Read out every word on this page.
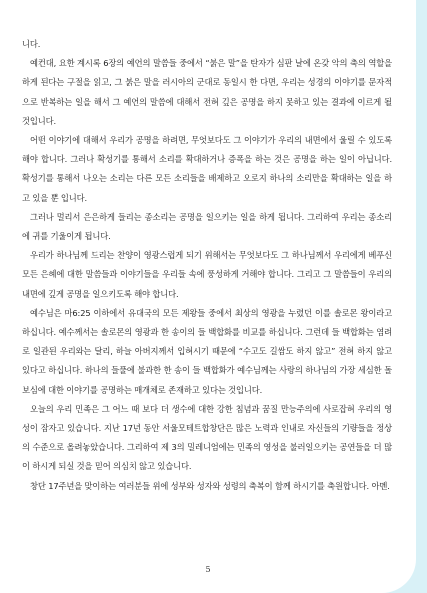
니다.

예컨대, 요한 계시록 6장의 예언의 말씀들 중에서 “붉은 말”을 탄자가 심판 날에 온갖 악의 축의 역할을 하게 된다는 구절을 읽고, 그 붉은 말을 러시아의 군대로 동일시 한 다면, 우리는 성경의 이야기를 문자적으로 반복하는 일을 해서 그 예언의 말씀에 대해서 전혀 깊은 공명을 하지 못하고 있는 결과에 이르게 될 것입니다.

어떤 이야기에 대해서 우리가 공명을 하려면, 무엇보다도 그 이야기가 우리의 내면에서 울릴 수 있도록 해야 합니다. 그러나 확성기를 통해서 소리를 확대하거나 증폭을 하는 것은 공명을 하는 일이 아닙니다. 확성기를 통해서 나오는 소리는 다른 모든 소리들을 배제하고 오로지 하나의 소리만을 확대하는 일을 하고 있을 뿐 입니다.

그러나 멀리서 은은하게 들리는 종소리는 공명을 일으키는 일을 하게 됩니다. 그리하여 우리는 종소리에 귀를 기울이게 됩니다.

우리가 하나님께 드리는 찬양이 영광스럽게 되기 위해서는 무엇보다도 그 하나님께서 우리에게 베푸신 모든 은혜에 대한 말씀들과 이야기들을 우리들 속에 풍성하게 거해야 합니다. 그리고 그 말씀들이 우리의 내면에 깊게 공명을 일으키도록 해야 합니다.

예수님은 마6:25 이하에서 유대국의 모든 제왕들 중에서 최상의 영광을 누렸던 이를 솔로몬 왕이라고 하십니다. 예수께서는 솔로몬의 영광과 한 송이의 들 백합화를 비교를 하십니다. 그런데 들 백합화는 염려로 일관된 우리와는 달리, 하늘 아버지께서 입혀시기 때문에 “수고도 길쌈도 하지 않고” 전혀 하지 않고 있다고 하십니다. 하나의 들풀에 불과한 한 송이 들 백합화가 예수님께는 사랑의 하나님의 가장 세심한 돌보심에 대한 이야기를 공명하는 매개체로 존재하고 있다는 것입니다.

오늘의 우리 민족은 그 어느 때 보다 더 생수에 대한 강한 침념과 꿈질 만능주의에 사로잡혀 우리의 영성이 잠자고 있습니다. 지난 17년 동안 서울모테트합창단은 많은 노력과 인내로 자신들의 기량들을 정상의 수준으로 올려놓았습니다. 그리하여 제 3의 밀레니엄에는 민족의 영성을 불러일으키는 공연들을 더 많이 하시게 되실 것을 믿어 의심치 않고 있습니다.

창단 17주년을 맞이하는 여러분들 위에 성부와 성자와 성령의 축복이 함께 하시기를 축원합니다. 아멘.

5
